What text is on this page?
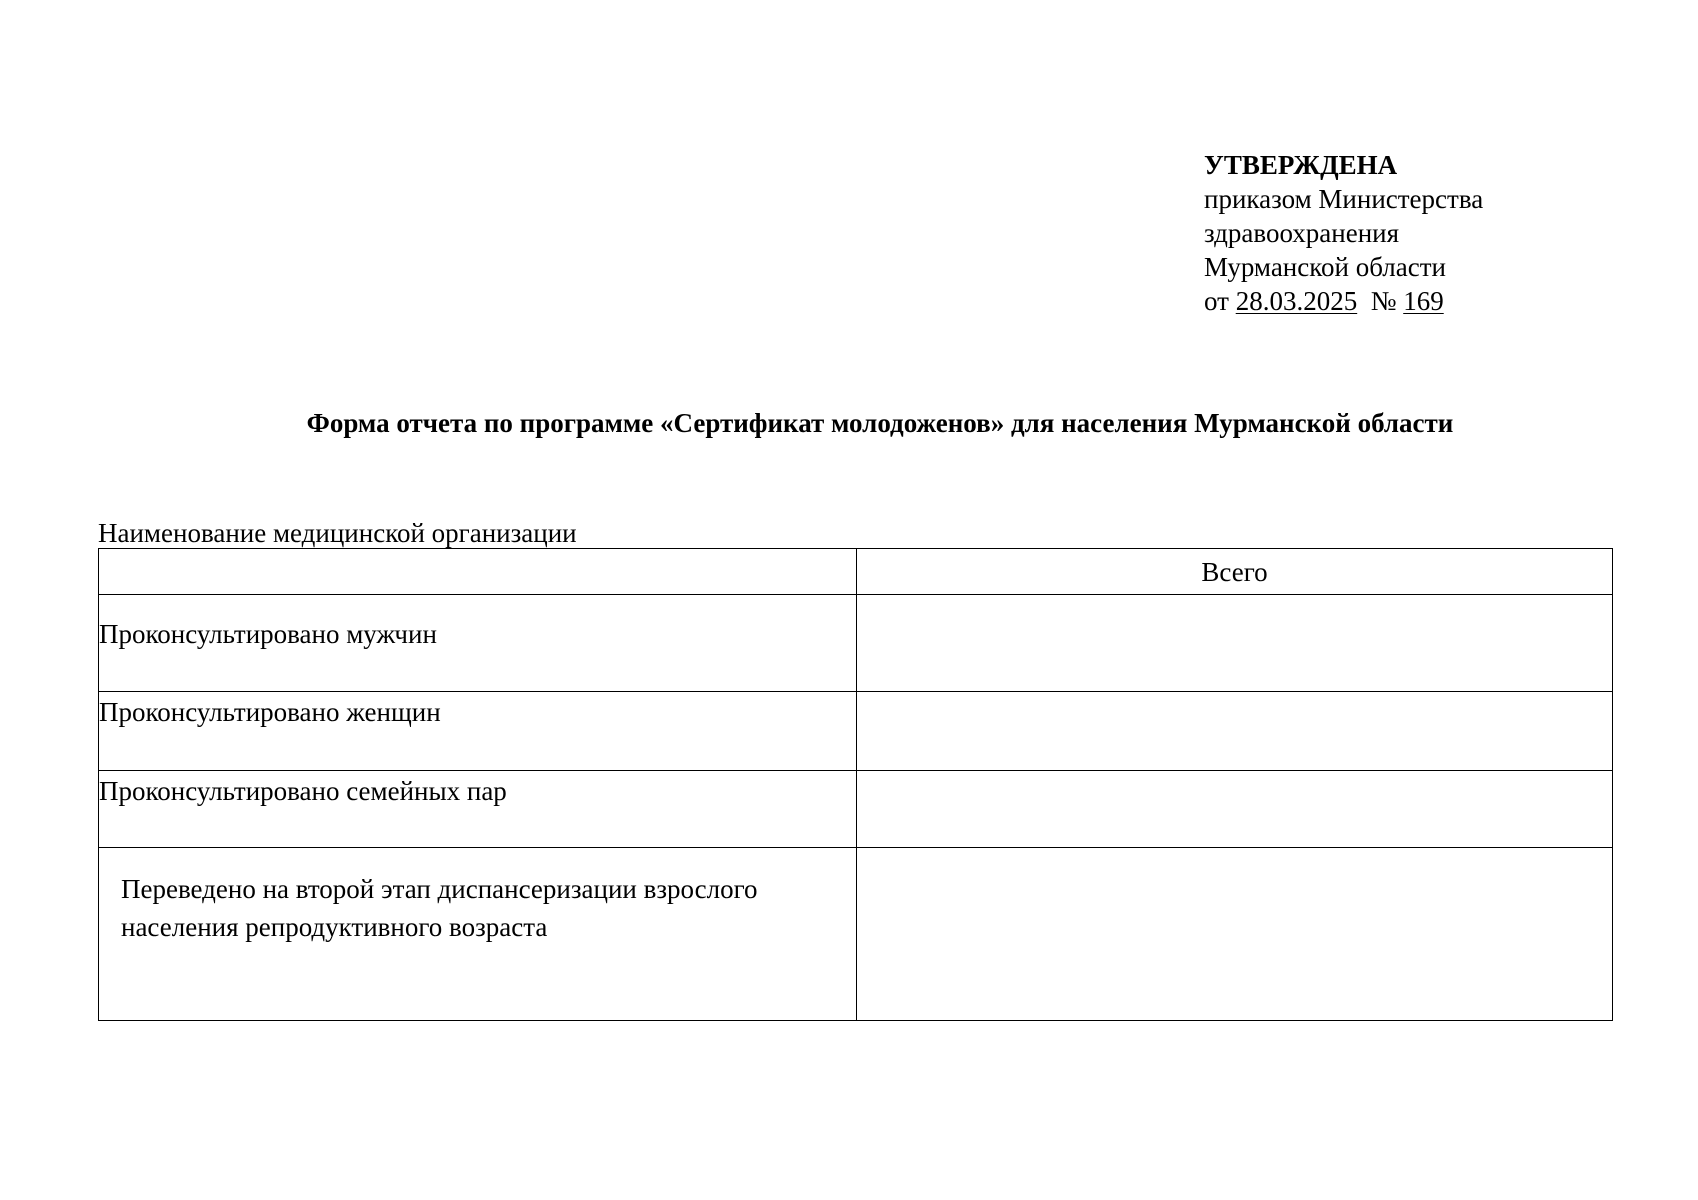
УТВЕРЖДЕНА
приказом Министерства
здравоохранения
Мурманской области
от 28.03.2025 № 169
Форма отчета по программе «Сертификат молодоженов» для населения Мурманской области
Наименование медицинской организации
	Всего
Проконсультировано мужчин	
Проконсультировано женщин	
Проконсультировано семейных пар	
Переведено на второй этап диспансеризации взрослого населения репродуктивного возраста	
